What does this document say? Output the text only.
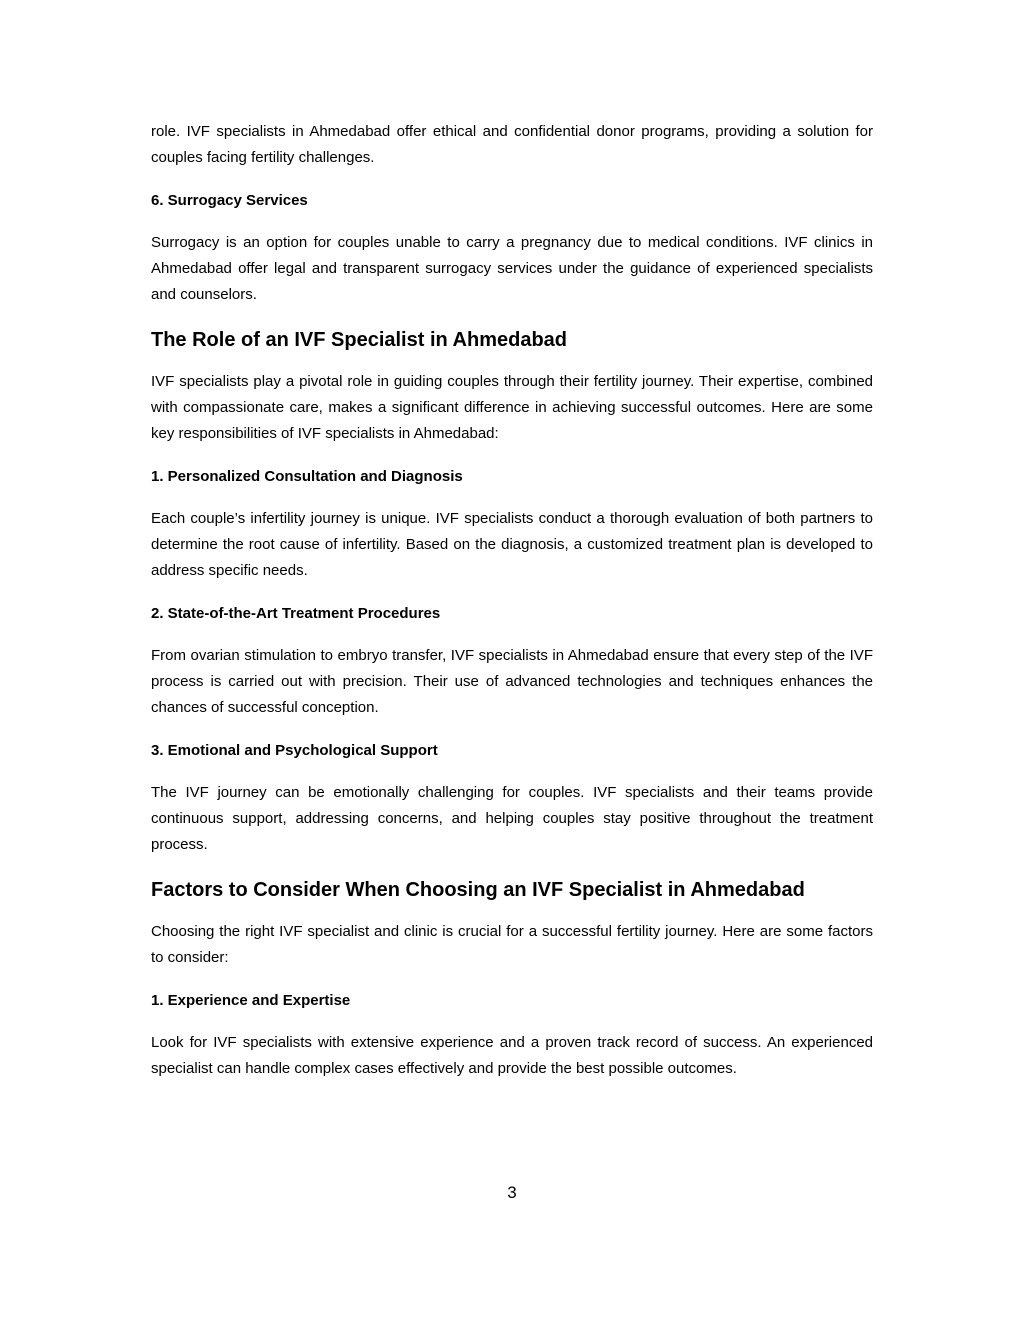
role. IVF specialists in Ahmedabad offer ethical and confidential donor programs, providing a solution for couples facing fertility challenges.

6. Surrogacy Services

Surrogacy is an option for couples unable to carry a pregnancy due to medical conditions. IVF clinics in Ahmedabad offer legal and transparent surrogacy services under the guidance of experienced specialists and counselors.

The Role of an IVF Specialist in Ahmedabad

IVF specialists play a pivotal role in guiding couples through their fertility journey. Their expertise, combined with compassionate care, makes a significant difference in achieving successful outcomes. Here are some key responsibilities of IVF specialists in Ahmedabad:

1. Personalized Consultation and Diagnosis

Each couple’s infertility journey is unique. IVF specialists conduct a thorough evaluation of both partners to determine the root cause of infertility. Based on the diagnosis, a customized treatment plan is developed to address specific needs.

2. State-of-the-Art Treatment Procedures

From ovarian stimulation to embryo transfer, IVF specialists in Ahmedabad ensure that every step of the IVF process is carried out with precision. Their use of advanced technologies and techniques enhances the chances of successful conception.

3. Emotional and Psychological Support

The IVF journey can be emotionally challenging for couples. IVF specialists and their teams provide continuous support, addressing concerns, and helping couples stay positive throughout the treatment process.

Factors to Consider When Choosing an IVF Specialist in Ahmedabad

Choosing the right IVF specialist and clinic is crucial for a successful fertility journey. Here are some factors to consider:

1. Experience and Expertise

Look for IVF specialists with extensive experience and a proven track record of success. An experienced specialist can handle complex cases effectively and provide the best possible outcomes.

3
